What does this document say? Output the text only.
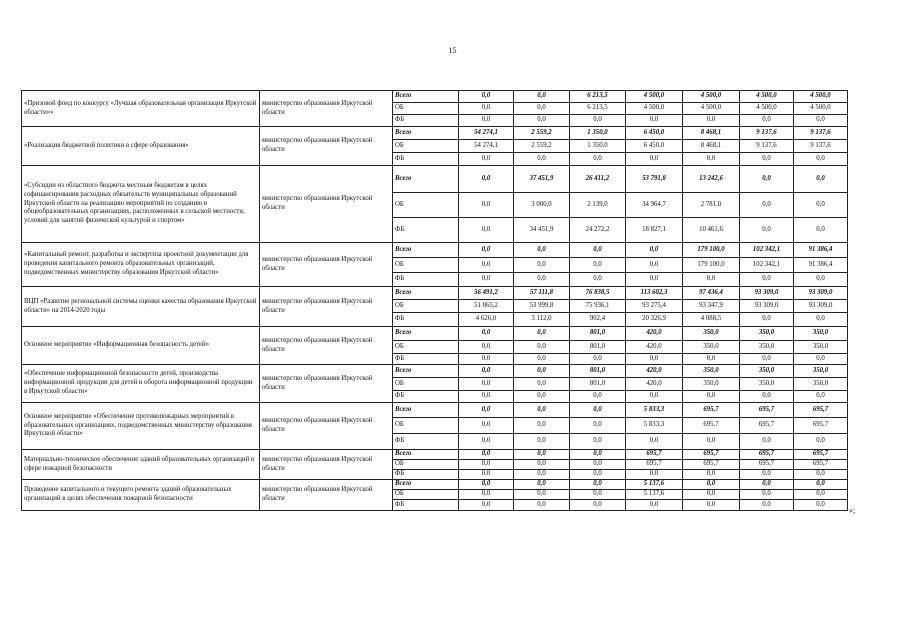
15
«Призовой фонд по конкурсу «Лучшая образовательная организация Иркутской области»»	министерство образования Иркутской области	Всего	0,0	0,0	6 213,5	4 500,0	4 500,0	4 500,0	4 500,0
		ОБ	0,0	0,0	6 213,5	4 500,0	4 500,0	4 500,0	4 500,0
		ФБ	0,0	0,0	0,0	0,0	0,0	0,0	0,0
«Реализация бюджетной политики в сфере образования»	министерство образования Иркутской области	Всего	54 274,1	2 559,2	1 350,0	6 450,0	8 468,1	9 137,6	9 137,6
		ОБ	54 274,1	2 559,2	1 350,0	6 450,0	8 468,1	9 137,6	9 137,6
		ФБ	0,0	0,0	0,0	0,0	0,0	0,0	0,0
«Субсидии из областного бюджета местным бюджетам в целях софинансирования расходных обязательств муниципальных образований Иркутской области на реализацию мероприятий по созданию в общеобразовательных организациях, расположенных в сельской местности, условий для занятий физической культурой и спортом»	министерство образования Иркутской области	Всего	0,0	37 451,9	26 411,2	53 791,8	13 242,6	0,0	0,0
		ОБ	0,0	3 000,0	2 139,0	34 964,7	2 781,0	0,0	0,0
		ФБ	0,0	34 451,9	24 272,2	18 827,1	10 461,6	0,0	0,0
«Капитальный ремонт, разработка и экспертиза проектной документации для проведения капитального ремонта образовательных организаций, подведомственных министерству образования Иркутской области»	министерство образования Иркутской области	Всего	0,0	0,0	0,0	0,0	179 100,0	102 342,1	91 386,4
		ОБ	0,0	0,0	0,0	0,0	179 100,0	102 342,1	91 386,4
		ФБ	0,0	0,0	0,0	0,0	0,0	0,0	0,0
ВЦП «Развитие региональной системы оценки качества образования Иркутской области» на 2014-2020 годы	министерство образования Иркутской области	Всего	56 491,2	57 111,8	76 838,5	113 602,3	97 436,4	93 309,0	93 309,0
		ОБ	51 865,2	53 999,8	75 936,1	93 275,4	93 347,9	93 309,0	93 309,0
		ФБ	4 626,0	3 112,0	902,4	20 326,9	4 088,5	0,0	0,0
Основное мероприятие «Информационная безопасность детей»	министерство образования Иркутской области	Всего	0,0	0,0	801,0	420,0	350,0	350,0	350,0
		ОБ	0,0	0,0	801,0	420,0	350,0	350,0	350,0
		ФБ	0,0	0,0	0,0	0,0	0,0	0,0	0,0
«Обеспечение информационной безопасности детей, производства информационной продукции для детей и оборота информационной продукции в Иркутской области»	министерство образования Иркутской области	Всего	0,0	0,0	801,0	420,0	350,0	350,0	350,0
		ОБ	0,0	0,0	801,0	420,0	350,0	350,0	350,0
		ФБ	0,0	0,0	0,0	0,0	0,0	0,0	0,0
Основное мероприятие «Обеспечение противопожарных мероприятий в образовательных организациях, подведомственных министерству образования Иркутской области»	министерство образования Иркутской области	Всего	0,0	0,0	0,0	5 833,3	695,7	695,7	695,7
		ОБ	0,0	0,0	0,0	5 833,3	695,7	695,7	695,7
		ФБ	0,0	0,0	0,0	0,0	0,0	0,0	0,0
Материально-техническое обеспечение зданий образовательных организаций в сфере пожарной безопасности	министерство образования Иркутской области	Всего	0,0	0,0	0,0	695,7	695,7	695,7	695,7
		ОБ	0,0	0,0	0,0	695,7	695,7	695,7	695,7
		ФБ	0,0	0,0	0,0	0,0	0,0	0,0	0,0
Проведение капитального и текущего ремонта зданий образовательных организаций в целях обеспечения пожарной безопасности	министерство образования Иркутской области	Всего	0,0	0,0	0,0	5 137,6	0,0	0,0	0,0
		ОБ	0,0	0,0	0,0	5 137,6	0,0	0,0	0,0
		ФБ	0,0	0,0	0,0	0,0	0,0	0,0	0,0
»;
